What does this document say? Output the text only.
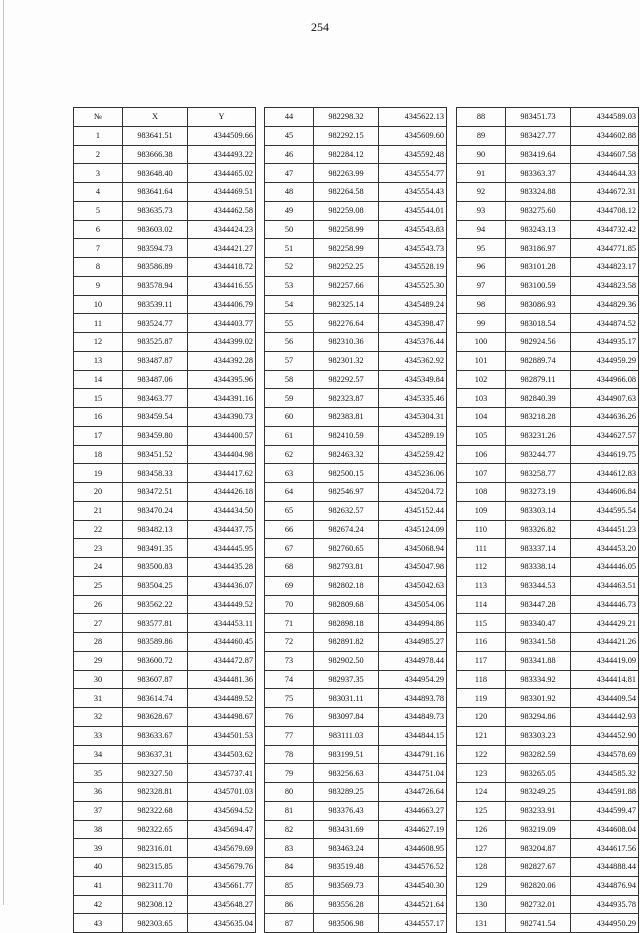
254
№	X	Y
1	983641.51	4344509.66
2	983666.38	4344493.22
3	983648.40	4344465.02
4	983641.64	4344469.51
5	983635.73	4344462.58
6	983603.02	4344424.23
7	983594.73	4344421.27
8	983586.89	4344418.72
9	983578.94	4344416.55
10	983539.11	4344406.79
11	983524.77	4344403.77
12	983525.87	4344399.02
13	983487.87	4344392.28
14	983487.06	4344395.96
15	983463.77	4344391.16
16	983459.54	4344390.73
17	983459.80	4344400.57
18	983451.52	4344404.98
19	983458.33	4344417.62
20	983472.51	4344426.18
21	983470.24	4344434.50
22	983482.13	4344437.75
23	983491.35	4344445.95
24	983500.83	4344435.28
25	983504.25	4344436.07
26	983562.22	4344449.52
27	983577.81	4344453.11
28	983589.86	4344460.45
29	983600.72	4344472.87
30	983607.87	4344481.36
31	983614.74	4344489.52
32	983628.67	4344498.67
33	983633.67	4344501.53
34	983637.31	4344503.62
35	982327.50	4345737.41
36	982328.81	4345701.03
37	982322.68	4345694.52
38	982322.65	4345694.47
39	982316.01	4345679.69
40	982315.85	4345679.76
41	982311.70	4345661.77
42	982308.12	4345648.27
43	982303.65	4345635.04
44	982298.32	4345622.13
45	982292.15	4345609.60
46	982284.12	4345592.48
47	982263.99	4345554.77
48	982264.58	4345554.43
49	982259.08	4345544.01
50	982258.99	4345543.83
51	982258.99	4345543.73
52	982252.25	4345528.19
53	982257.66	4345525.30
54	982325.14	4345489.24
55	982276.64	4345398.47
56	982310.36	4345376.44
57	982301.32	4345362.92
58	982292.57	4345349.84
59	982323.87	4345335.46
60	982383.81	4345304.31
61	982410.59	4345289.19
62	982463.32	4345259.42
63	982500.15	4345236.06
64	982546.97	4345204.72
65	982632.57	4345152.44
66	982674.24	4345124.09
67	982760.65	4345068.94
68	982793.81	4345047.98
69	982802.18	4345042.63
70	982809.68	4345054.06
71	982898.18	4344994.86
72	982891.82	4344985.27
73	982902.50	4344978.44
74	982937.35	4344954.29
75	983031.11	4344893.78
76	983097.84	4344849.73
77	983111.03	4344844.15
78	983199.51	4344791.16
79	983256.63	4344751.04
80	983289.25	4344726.64
81	983376.43	4344663.27
82	983431.69	4344627.19
83	983463.24	4344608.95
84	983519.48	4344576.52
85	983569.73	4344540.30
86	983556.28	4344521.64
87	983506.98	4344557.17
88	983451.73	4344589.03
89	983427.77	4344602.88
90	983419.64	4344607.58
91	983363.37	4344644.33
92	983324.88	4344672.31
93	983275.60	4344708.12
94	983243.13	4344732.42
95	983186.97	4344771.85
96	983101.28	4344823.17
97	983100.59	4344823.58
98	983086.93	4344829.36
99	983018.54	4344874.52
100	982924.56	4344935.17
101	982889.74	4344959.29
102	982879.11	4344966.08
103	982840.39	4344907.63
104	983218.28	4344636.26
105	983231.26	4344627.57
106	983244.77	4344619.75
107	983258.77	4344612.83
108	983273.19	4344606.84
109	983303.14	4344595.54
110	983326.82	4344451.23
111	983337.14	4344453.20
112	983338.14	4344446.05
113	983344.53	4344463.51
114	983447.28	4344446.73
115	983340.47	4344429.21
116	983341.58	4344421.26
117	983341.88	4344419.09
118	983334.92	4344414.81
119	983301.92	4344409.54
120	983294.86	4344442.93
121	983303.23	4344452.90
122	983282.59	4344578.69
123	983265.05	4344585.32
124	983249.25	4344591.88
125	983233.91	4344599.47
126	983219.09	4344608.04
127	983204.87	4344617.56
128	982827.67	4344888.44
129	982820.06	4344876.94
130	982732.01	4344935.78
131	982741.54	4344950.29
